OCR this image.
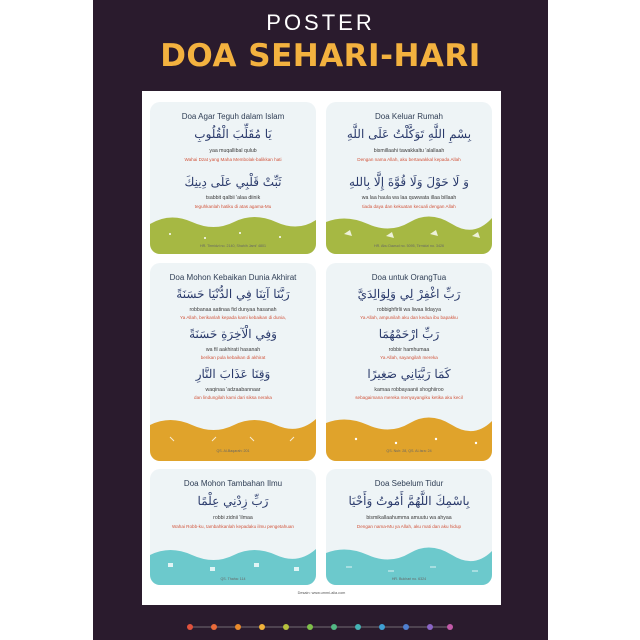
POSTER
DOA SEHARI-HARI
Doa Agar Teguh dalam Islam
يَا مُقَلِّبَ الْقُلُوبِ
yaa muqallibal qulub
Wahai Dzat yang Maha Membolak-balikkan hati
ثَبِّتْ قَلْبِي عَلَى دِينِكَ
tsabbit qalbii 'alaa diinik
teguhkanlah hatiku di atas agama-Mu
HR. Tirmidzi no. 2140, Shahih Jami' 4801
Doa Keluar Rumah
بِسْمِ اللَّهِ تَوَكَّلْتُ عَلَى اللَّهِ
bismillaahi tawakkaltu 'alallaah
Dengan nama Allah, aku bertawakkal kepada Allah
وَ لَا حَوْلَ وَلَا قُوَّةَ إِلَّا بِاللهِ
wa laa haula wa laa quwwata illaa billaah
tiada daya dan kekuatan kecuali dengan Allah
HR. Abu Dawud no. 5095, Tirmidzi no. 3426
Doa Mohon Kebaikan Dunia Akhirat
رَبَّنَا آتِنَا فِي الدُّنْيَا حَسَنَةً
robbanaa aatinaa fid dunyaa hasanah
Ya Allah, berikanlah kepada kami kebaikan di dunia,
وَفِي الْآخِرَةِ حَسَنَةً
wa fil aakhirati hasanah
berikan pula kebaikan di akhirat
وَقِنَا عَذَابَ النَّارِ
waqinaa 'adzaabannaar
dan lindungilah kami dari siksa neraka
QS. Al-Baqarah: 201
Doa untuk OrangTua
رَبِّ اغْفِرْ لِي وَلِوَالِدَيَّ
robbighfirlii wa liwaa lidayya
Ya Allah, ampunilah aku dan kedua ibu bapakku
رَبِّ ارْحَمْهُمَا
robbir hamhumaa
Ya Allah, sayangilah mereka
كَمَا رَبَّيَانِي صَغِيرًا
kamaa robbayaanii shoghiiroo
sebagaimana mereka menyayangiku ketika aku kecil
QS. Nuh: 28, QS. Al-Isra: 24
Doa Mohon Tambahan Ilmu
رَبِّ زِدْنِي عِلْمًا
robbi zidnii 'ilmaa
Wahai Robb-ku, tambahkanlah kepadaku ilmu pengetahuan
QS. Thaha: 114
Doa Sebelum Tidur
بِاسْمِكَ اللَّهُمَّ أَمُوتُ وَأَحْيَا
bismikallaahumma amuutu wa ahyaa
Dengan nama-Mu ya Allah, aku mati dan aku hidup
HR. Bukhari no. 6324
Desain: www.ummi-alia.com
